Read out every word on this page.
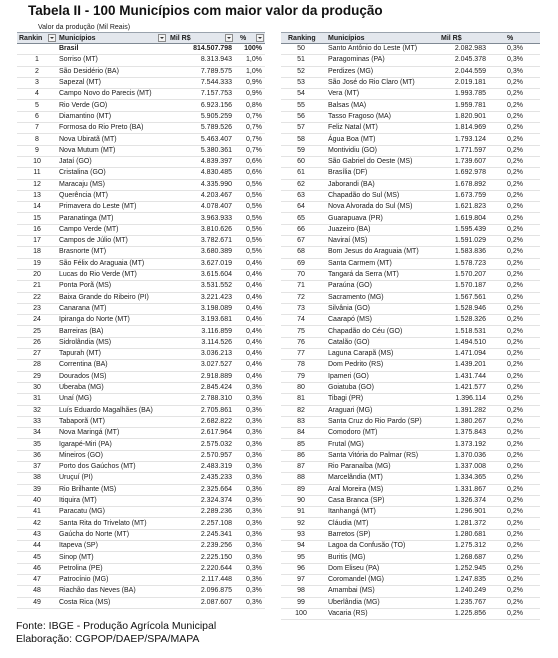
Tabela II - 100 Municípios com maior valor da produção
Valor da produção (Mil Reais)
Rankin Municípios	Mil R$	%
Brasil	814.507.798	100%
1	Sorriso (MT)	8.313.943	1,0%
2	São Desidério (BA)	7.789.575	1,0%
3	Sapezal (MT)	7.544.333	0,9%
4	Campo Novo do Parecis (MT)	7.157.753	0,9%
5	Rio Verde (GO)	6.923.156	0,8%
6	Diamantino (MT)	5.905.259	0,7%
7	Formosa do Rio Preto (BA)	5.789.526	0,7%
8	Nova Ubiratã (MT)	5.463.407	0,7%
9	Nova Mutum (MT)	5.380.361	0,7%
10	Jataí (GO)	4.839.397	0,6%
11	Cristalina (GO)	4.830.485	0,6%
12	Maracaju (MS)	4.335.990	0,5%
13	Querência (MT)	4.203.467	0,5%
14	Primavera do Leste (MT)	4.078.407	0,5%
15	Paranatinga (MT)	3.963.933	0,5%
16	Campo Verde (MT)	3.810.626	0,5%
17	Campos de Júlio (MT)	3.782.671	0,5%
18	Brasnorte (MT)	3.680.389	0,5%
19	São Félix do Araguaia (MT)	3.627.019	0,4%
20	Lucas do Rio Verde (MT)	3.615.604	0,4%
21	Ponta Porã (MS)	3.531.552	0,4%
22	Baixa Grande do Ribeiro (PI)	3.221.423	0,4%
23	Canarana (MT)	3.198.089	0,4%
24	Ipiranga do Norte (MT)	3.193.681	0,4%
25	Barreiras (BA)	3.116.859	0,4%
26	Sidrolândia (MS)	3.114.526	0,4%
27	Tapurah (MT)	3.036.213	0,4%
28	Correntina (BA)	3.027.527	0,4%
29	Dourados (MS)	2.918.889	0,4%
30	Uberaba (MG)	2.845.424	0,3%
31	Unaí (MG)	2.788.310	0,3%
32	Luís Eduardo Magalhães (BA)	2.705.861	0,3%
33	Tabaporã (MT)	2.682.822	0,3%
34	Nova Maringá (MT)	2.617.964	0,3%
35	Igarapé-Miri (PA)	2.575.032	0,3%
36	Mineiros (GO)	2.570.957	0,3%
37	Porto dos Gaúchos (MT)	2.483.319	0,3%
38	Uruçuí (PI)	2.435.233	0,3%
39	Rio Brilhante (MS)	2.325.664	0,3%
40	Itiquira (MT)	2.324.374	0,3%
41	Paracatu (MG)	2.289.236	0,3%
42	Santa Rita do Trivelato (MT)	2.257.108	0,3%
43	Gaúcha do Norte (MT)	2.245.341	0,3%
44	Itapeva (SP)	2.239.256	0,3%
45	Sinop (MT)	2.225.150	0,3%
46	Petrolina (PE)	2.220.644	0,3%
47	Patrocínio (MG)	2.117.448	0,3%
48	Riachão das Neves (BA)	2.096.875	0,3%
49	Costa Rica (MS)	2.087.607	0,3%
Ranking Municípios	Mil R$	%
50	Santo Antônio do Leste (MT)	2.082.983	0,3%
51	Paragominas (PA)	2.045.378	0,3%
52	Perdizes (MG)	2.044.559	0,3%
53	São José do Rio Claro (MT)	2.019.181	0,2%
54	Vera (MT)	1.993.785	0,2%
55	Balsas (MA)	1.959.781	0,2%
56	Tasso Fragoso (MA)	1.820.901	0,2%
57	Feliz Natal (MT)	1.814.969	0,2%
58	Água Boa (MT)	1.793.124	0,2%
59	Montividiu (GO)	1.771.597	0,2%
60	São Gabriel do Oeste (MS)	1.739.607	0,2%
61	Brasília (DF)	1.692.978	0,2%
62	Jaborandi (BA)	1.678.892	0,2%
63	Chapadão do Sul (MS)	1.673.759	0,2%
64	Nova Alvorada do Sul (MS)	1.621.823	0,2%
65	Guarapuava (PR)	1.619.804	0,2%
66	Juazeiro (BA)	1.595.439	0,2%
67	Naviraí (MS)	1.591.029	0,2%
68	Bom Jesus do Araguaia (MT)	1.583.836	0,2%
69	Santa Carmem (MT)	1.578.723	0,2%
70	Tangará da Serra (MT)	1.570.207	0,2%
71	Paraúna (GO)	1.570.187	0,2%
72	Sacramento (MG)	1.567.561	0,2%
73	Silvânia (GO)	1.528.946	0,2%
74	Caarapó (MS)	1.528.326	0,2%
75	Chapadão do Céu (GO)	1.518.531	0,2%
76	Catalão (GO)	1.494.510	0,2%
77	Laguna Carapã (MS)	1.471.094	0,2%
78	Dom Pedrito (RS)	1.439.201	0,2%
79	Ipameri (GO)	1.431.744	0,2%
80	Goiatuba (GO)	1.421.577	0,2%
81	Tibagi (PR)	1.396.114	0,2%
82	Araguari (MG)	1.391.282	0,2%
83	Santa Cruz do Rio Pardo (SP)	1.380.267	0,2%
84	Comodoro (MT)	1.375.843	0,2%
85	Frutal (MG)	1.373.192	0,2%
86	Santa Vitória do Palmar (RS)	1.370.036	0,2%
87	Rio Paranaíba (MG)	1.337.008	0,2%
88	Marcelândia (MT)	1.334.365	0,2%
89	Aral Moreira (MS)	1.331.867	0,2%
90	Casa Branca (SP)	1.326.374	0,2%
91	Itanhangá (MT)	1.296.901	0,2%
92	Cláudia (MT)	1.281.372	0,2%
93	Barretos (SP)	1.280.681	0,2%
94	Lagoa da Confusão (TO)	1.275.312	0,2%
95	Buritis (MG)	1.268.687	0,2%
96	Dom Eliseu (PA)	1.252.945	0,2%
97	Coromandel (MG)	1.247.835	0,2%
98	Amambai (MS)	1.240.249	0,2%
99	Uberlândia (MG)	1.235.767	0,2%
100	Vacaria (RS)	1.225.856	0,2%
Fonte: IBGE - Produção Agrícola Municipal
Elaboração: CGPOP/DAEP/SPA/MAPA
